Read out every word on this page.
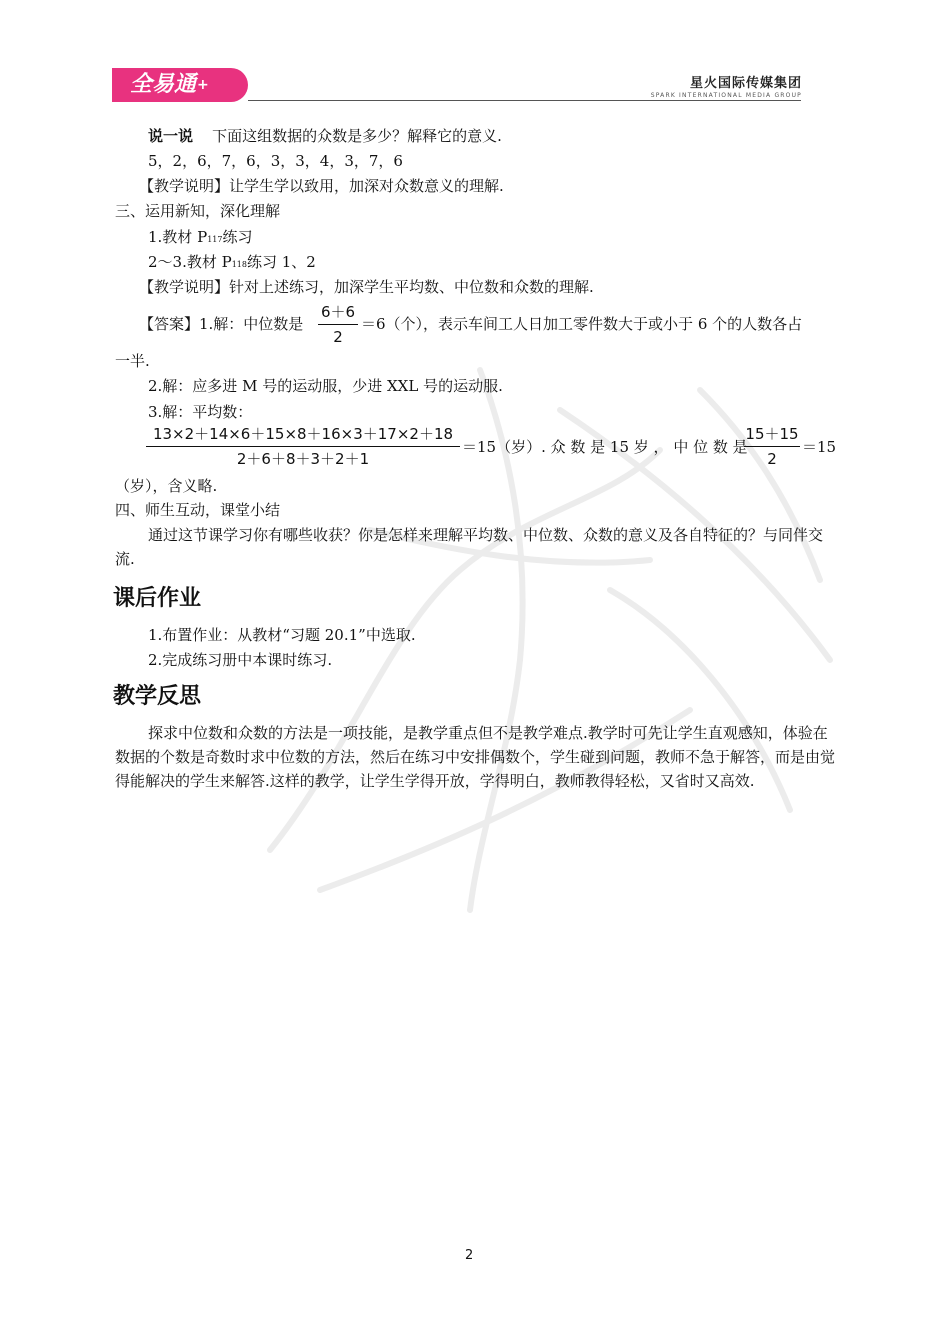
全易通+	星火国际传媒集团
SPARK INTERNATIONAL MEDIA GROUP
说一说 下面这组数据的众数是多少？解释它的意义.
5，2，6，7，6，3，3，4，3，7，6
【教学说明】让学生学以致用，加深对众数意义的理解.
三、运用新知，深化理解
1.教材 P117练习
2～3.教材 P118练习 1、2
【教学说明】针对上述练习，加深学生平均数、中位数和众数的理解.
【答案】1.解：中位数是
6＋6
2
＝6（个），表示车间工人日加工零件数大于或小于 6 个的人数各占
一半.
2.解：应多进 M 号的运动服，少进 XXL 号的运动服.
3.解：平均数：
13×2＋14×6＋15×8＋16×3＋17×2＋18
2＋6＋8＋3＋2＋1
＝15（岁）. 众 数 是 15 岁 ， 中 位 数 是
15＋15
2
＝15
（岁），含义略.
四、师生互动，课堂小结
通过这节课学习你有哪些收获？你是怎样来理解平均数、中位数、众数的意义及各自特征的？与同伴交流.
课后作业
1.布置作业：从教材“习题 20.1”中选取.
2.完成练习册中本课时练习.
教学反思
探求中位数和众数的方法是一项技能，是教学重点但不是教学难点.教学时可先让学生直观感知，体验在数据的个数是奇数时求中位数的方法，然后在练习中安排偶数个，学生碰到问题，教师不急于解答，而是由觉得能解决的学生来解答.这样的教学，让学生学得开放，学得明白，教师教得轻松，又省时又高效.
2
